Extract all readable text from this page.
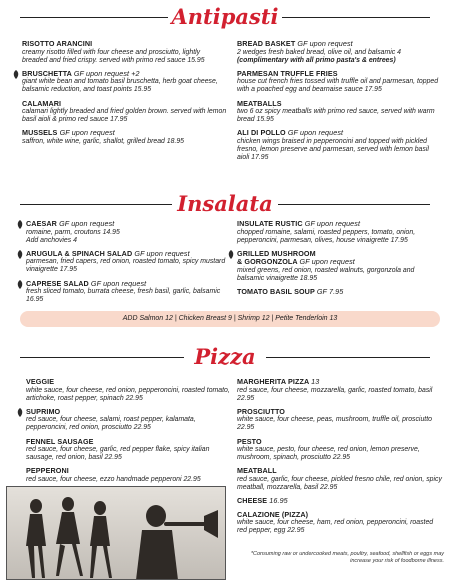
Antipasti
RISOTTO ARANCINI
creamy risotto filled with four cheese and prosciutto, lightly breaded and fried crispy. served with primo red sauce 15.95
BRUSCHETTA GF upon request +2
giant white bean and tomato basil bruschetta, herb goat cheese, balsamic reduction, and toast points 15.95
CALAMARI
calamari lightly breaded and fried golden brown. served with lemon basil aioli & primo red sauce 17.95
MUSSELS GF upon request
saffron, white wine, garlic, shallot, grilled bread 18.95
BREAD BASKET GF upon request
2 wedges fresh baked bread, olive oil, and balsamic 4
(complimentary with all primo pasta's & entrees)
PARMESAN TRUFFLE FRIES
house cut french fries tossed with truffle oil and parmesan, topped with a poached egg and bearnaise sauce 17.95
MEATBALLS
two 6 oz spicy meatballs with primo red sauce, served with warm bread 15.95
ALI DI POLLO GF upon request
chicken wings braised in pepperoncini and topped with pickled fresno, lemon preserve and parmesan, served with lemon basil aioli 17.95
Insalata
CAESAR GF upon request
romaine, parm, croutons 14.95
Add anchovies 4
ARUGULA & SPINACH SALAD GF upon request
parmesan, fried capers, red onion, roasted tomato, spicy mustard vinaigrette 17.95
CAPRESE SALAD GF upon request
fresh sliced tomato, burrata cheese, fresh basil, garlic, balsamic 16.95
INSULATE RUSTIC GF upon request
chopped romaine, salami, roasted peppers, tomato, onion, pepperoncini, parmesan, olives, house vinaigrette 17.95
GRILLED MUSHROOM
& GORGONZOLA GF upon request
mixed greens, red onion, roasted walnuts, gorgonzola and balsamic vinaigrette 18.95
TOMATO BASIL SOUP GF 7.95
ADD Salmon 12 | Chicken Breast 9 | Shrimp 12 | Petite Tenderloin 13
Pizza
VEGGIE
white sauce, four cheese, red onion, pepperoncini, roasted tomato, artichoke, roast pepper, spinach 22.95
SUPRIMO
red sauce, four cheese, salami, roast pepper, kalamata, pepperoncini, red onion, prosciutto 22.95
FENNEL SAUSAGE
red sauce, four cheese, garlic, red pepper flake, spicy italian sausage, red onion, basil 22.95
PEPPERONI
red sauce, four cheese, ezzo handmade pepperoni 22.95
MARGHERITA PIZZA 13
red sauce, four cheese, mozzarella, garlic, roasted tomato, basil 22.95
PROSCIUTTO
white sauce, four cheese, peas, mushroom, truffle oil, prosciutto 22.95
PESTO
white sauce, pesto, four cheese, red onion, lemon preserve, mushroom, spinach, prosciutto 22.95
MEATBALL
red sauce, garlic, four cheese, pickled fresno chile, red onion, spicy meatball, mozzarella, basil 22.95
CHEESE 16.95
CALAZIONE (PIZZA)
white sauce, four cheese, ham, red onion, pepperoncini, roasted red pepper, egg 22.95
*Consuming raw or undercooked meats, poultry, seafood, shellfish or eggs may increase your risk of foodborne illness.
